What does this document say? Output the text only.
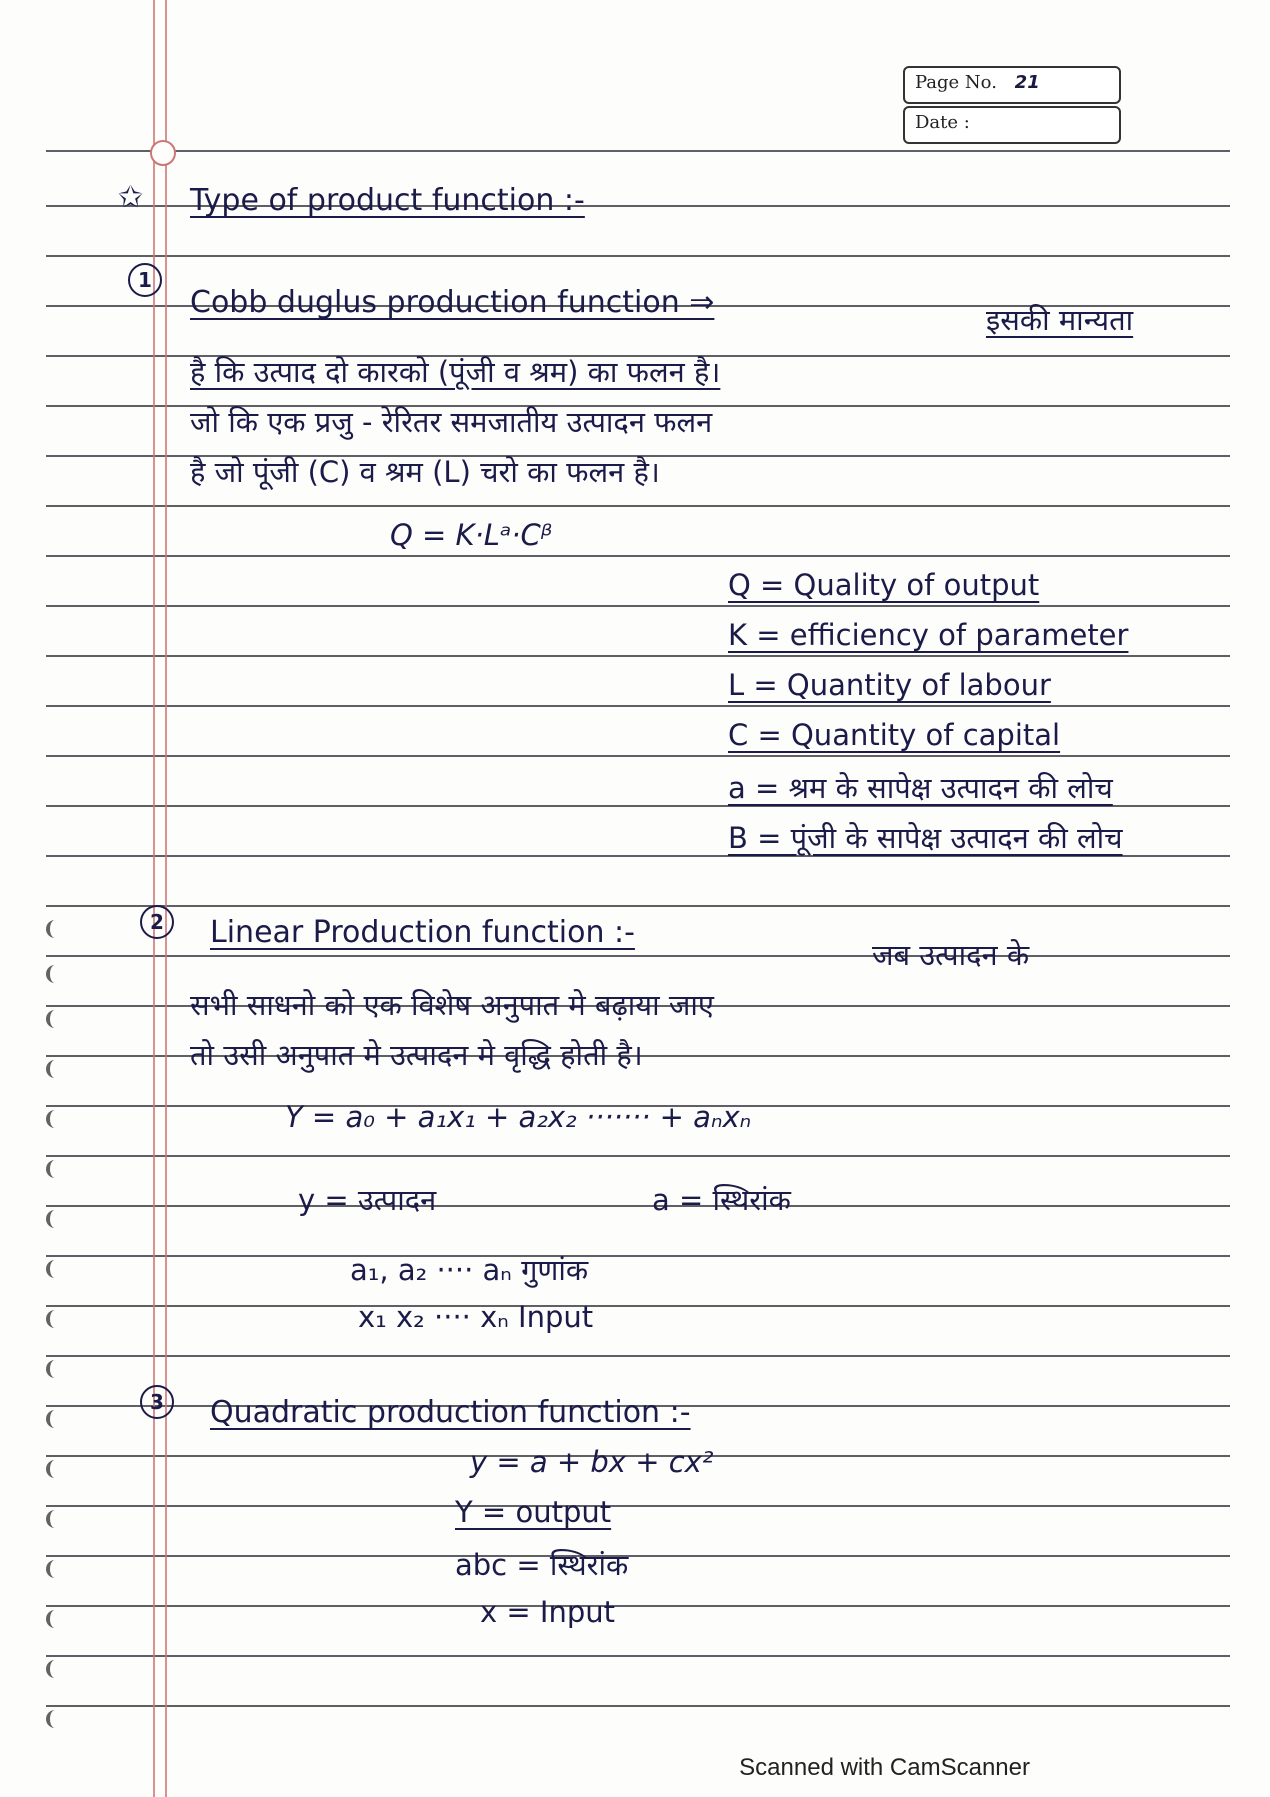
Page No. 21
Date :
✩ Type of product function :-
1
Cobb duglus production function ⇒	इसकी मान्यता
है कि उत्पाद दो कारको (पूंजी व श्रम) का फलन है।
जो कि एक प्रजु - रेरितर समजातीय उत्पादन फलन
है जो पूंजी (C) व श्रम (L) चरो का फलन है।
Q = K·Lᵃ·Cᵝ
Q = Quality of output
K = efficiency of parameter
L = Quantity of labour
C = Quantity of capital
a = श्रम के सापेक्ष उत्पादन की लोच
B = पूंजी के सापेक्ष उत्पादन की लोच
2	Linear Production function :-
जब उत्पादन के
सभी साधनो को एक विशेष अनुपात मे बढ़ाया जाए
तो उसी अनुपात मे उत्पादन मे वृद्धि होती है।
Y = a₀ + a₁x₁ + a₂x₂ ······· + aₙxₙ
y = उत्पादन	a = स्थिरांक
a₁, a₂ ···· aₙ गुणांक
x₁ x₂ ···· xₙ Input
3	Quadratic production function :-
y = a + bx + cx²
Y = output
abc = स्थिरांक
x = Input
Scanned with CamScanner
